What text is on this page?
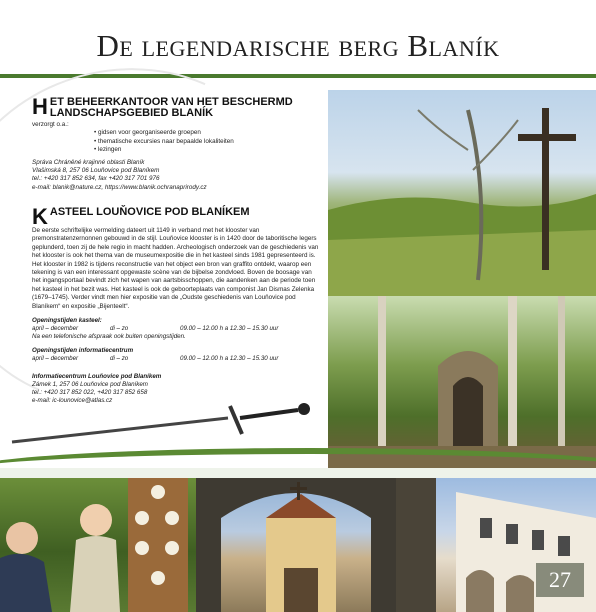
De legendarische berg Blaník
H ET BEHEERKANTOOR VAN HET BESCHERMD
LANDSCHAPSGEBIED BLANÍK
verzorgt o.a.:
• gidsen voor georganiseerde groepen
• thematische excursies naar bepaalde lokaliteiten
• lezingen
Správa Chráněné krajinné oblasti Blaník
Vlašimská 8, 257 06 Louňovice pod Blaníkem
tel.: +420 317 852 634, fax +420 317 701 976
e-mail: blanik@nature.cz, https://www.blanik.ochranaprirody.cz
K ASTEEL LOUŇOVICE POD BLANÍKEM
De eerste schriftelijke vermelding dateert uit 1149 in verband met het klooster van premonstratenzernonnen gebouwd in de stijl. Louňovice klooster is in 1420 door de taboritische legers geplunderd, toen zij de hele regio in macht hadden. Archeologisch onderzoek van de geschiedenis van het klooster is ook het thema van de museumexpositie die in het kasteel sinds 1981 gepresenteerd is. Het klooster in 1982 is tijdens reconstructie van het object een bron van graffito ontdekt, waarop een tekening is van een interessant opgewaste scène van de bijbelse zondvloed. Boven de boosage van het ingangsportaal bevindt zich het wapen van aartsbisschoppen, die aandenken aan de periode toen het kasteel in het bezit was. Het kasteel is ook de geboorteplaats van componist Jan Dismas Zelenka (1679–1745). Verder vindt men hier expositie van de „Oudste geschiedenis van Louňovice pod Blaníkem“ en expositie „Bijenteelt“.
Openingstijden kasteel:
april – december	di – zo	09.00 – 12.00 h a 12.30 – 15.30 uur
Na een telefonische afspraak ook buiten openingstijden.
Openingstijden informatiecentrum
april – december	di – zo	09.00 – 12.00 h a 12.30 – 15.30 uur
Informatiecentrum Louňovice pod Blaníkem
Zámek 1, 257 06 Louňovice pod Blaníkem
tel.: +420 317 852 022, +420 317 852 658
e-mail: ic-lounovice@atlas.cz
27
